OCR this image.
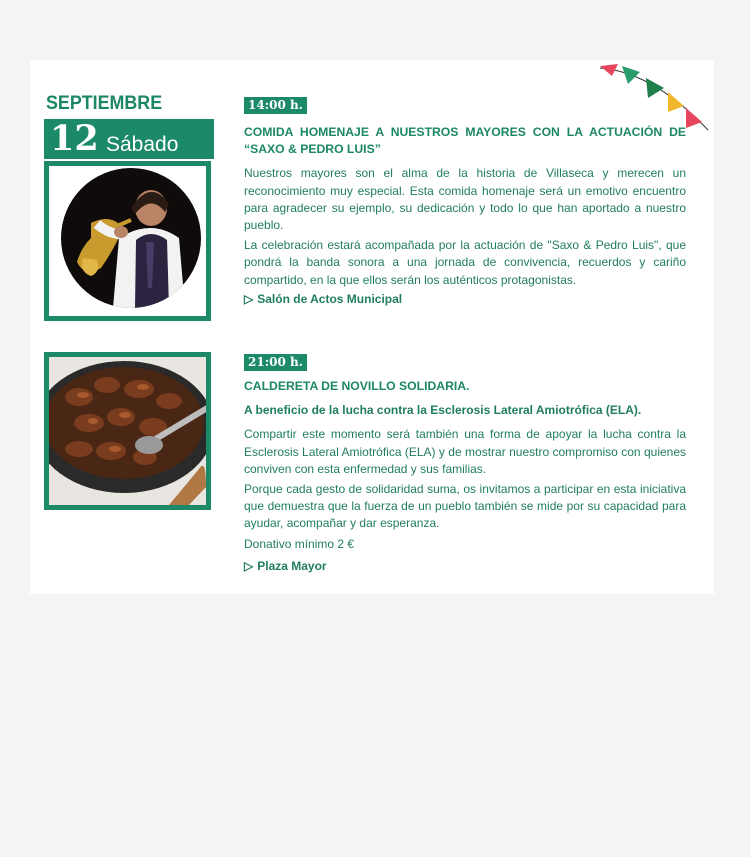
SEPTIEMBRE
12 Sábado
14:00 h.

COMIDA HOMENAJE A NUESTROS MAYORES CON LA ACTUACIÓN DE “SAXO & PEDRO LUIS”

Nuestros mayores son el alma de la historia de Villaseca y merecen un reconocimiento muy especial. Esta comida homenaje será un emotivo encuentro para agradecer su ejemplo, su dedicación y todo lo que han aportado a nuestro pueblo.

La celebración estará acompañada por la actuación de "Saxo & Pedro Luis", que pondrá la banda sonora a una jornada de convivencia, recuerdos y cariño compartido, en la que ellos serán los auténticos protagonistas.

▷ Salón de Actos Municipal
21:00 h.

CALDERETA DE NOVILLO SOLIDARIA.

A beneficio de la lucha contra la Esclerosis Lateral Amiotrófica (ELA).

Compartir este momento será también una forma de apoyar la lucha contra la Esclerosis Lateral Amiotrófica (ELA) y de mostrar nuestro compromiso con quienes conviven con esta enfermedad y sus familias.

Porque cada gesto de solidaridad suma, os invitamos a participar en esta iniciativa que demuestra que la fuerza de un pueblo también se mide por su capacidad para ayudar, acompañar y dar esperanza.

Donativo mínimo 2 €

▷ Plaza Mayor
